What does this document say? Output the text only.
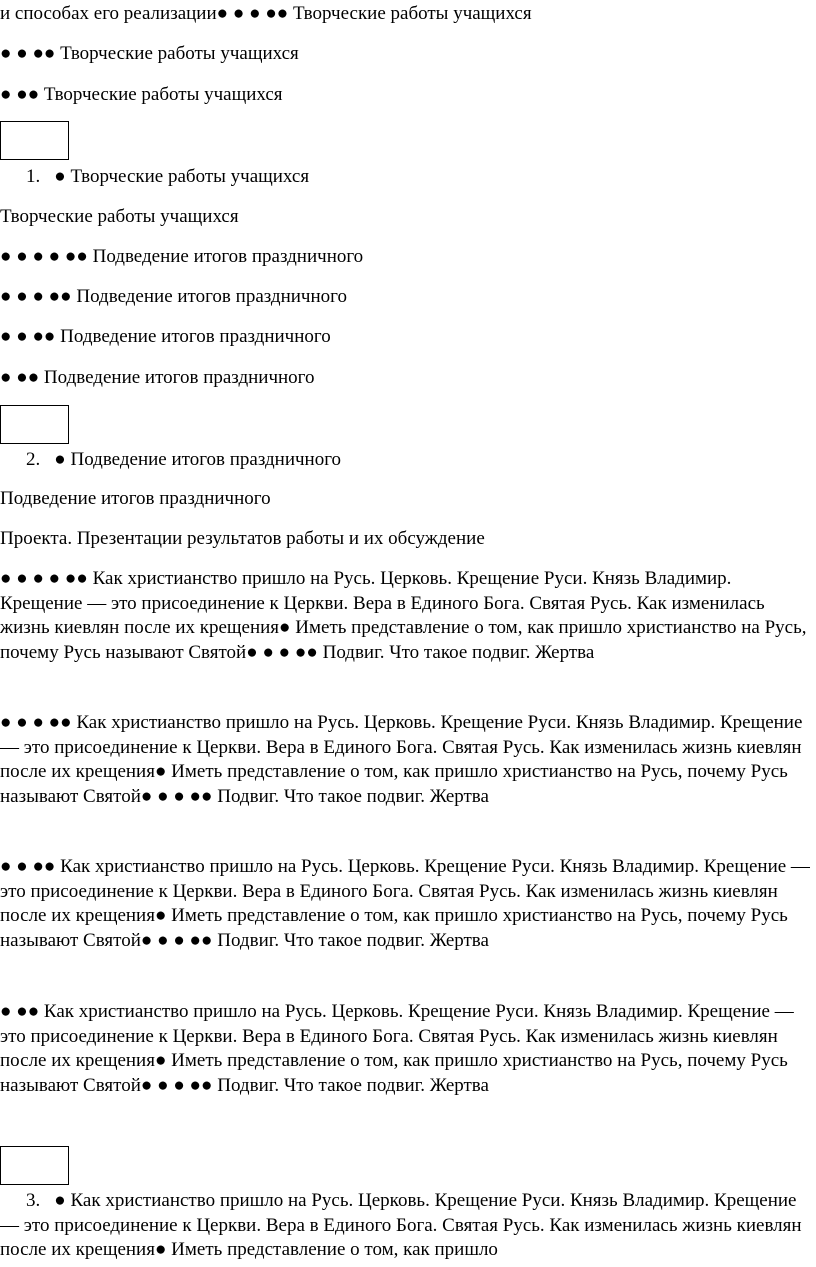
и способах его реализации● ● ● ●● Творческие работы учащихся

● ● ●● Творческие работы учащихся

● ●● Творческие работы учащихся

1. ● Творческие работы учащихся

Творческие работы учащихся

● ● ● ● ●● Подведение итогов праздничного

● ● ● ●● Подведение итогов праздничного

● ● ●● Подведение итогов праздничного

● ●● Подведение итогов праздничного

2. ● Подведение итогов праздничного

Подведение итогов праздничного

Проекта. Презентации результатов работы и их обсуждение

● ● ● ● ●● Как христианство пришло на Русь. Церковь. Крещение Руси. Князь Владимир. Крещение — это присоединение к Церкви. Вера в Единого Бога. Святая Русь. Как изменилась жизнь киевлян после их крещения● Иметь представление о том, как пришло христианство на Русь, почему Русь называют Святой● ● ● ●● Подвиг. Что такое подвиг. Жертва

● ● ● ●● Как христианство пришло на Русь. Церковь. Крещение Руси. Князь Владимир. Крещение — это присоединение к Церкви. Вера в Единого Бога. Святая Русь. Как изменилась жизнь киевлян после их крещения● Иметь представление о том, как пришло христианство на Русь, почему Русь называют Святой● ● ● ●● Подвиг. Что такое подвиг. Жертва

● ● ●● Как христианство пришло на Русь. Церковь. Крещение Руси. Князь Владимир. Крещение — это присоединение к Церкви. Вера в Единого Бога. Святая Русь. Как изменилась жизнь киевлян после их крещения● Иметь представление о том, как пришло христианство на Русь, почему Русь называют Святой● ● ● ●● Подвиг. Что такое подвиг. Жертва

● ●● Как христианство пришло на Русь. Церковь. Крещение Руси. Князь Владимир. Крещение — это присоединение к Церкви. Вера в Единого Бога. Святая Русь. Как изменилась жизнь киевлян после их крещения● Иметь представление о том, как пришло христианство на Русь, почему Русь называют Святой● ● ● ●● Подвиг. Что такое подвиг. Жертва

3. ● Как христианство пришло на Русь. Церковь. Крещение Руси. Князь Владимир. Крещение — это присоединение к Церкви. Вера в Единого Бога. Святая Русь. Как изменилась жизнь киевлян после их крещения● Иметь представление о том, как пришло
